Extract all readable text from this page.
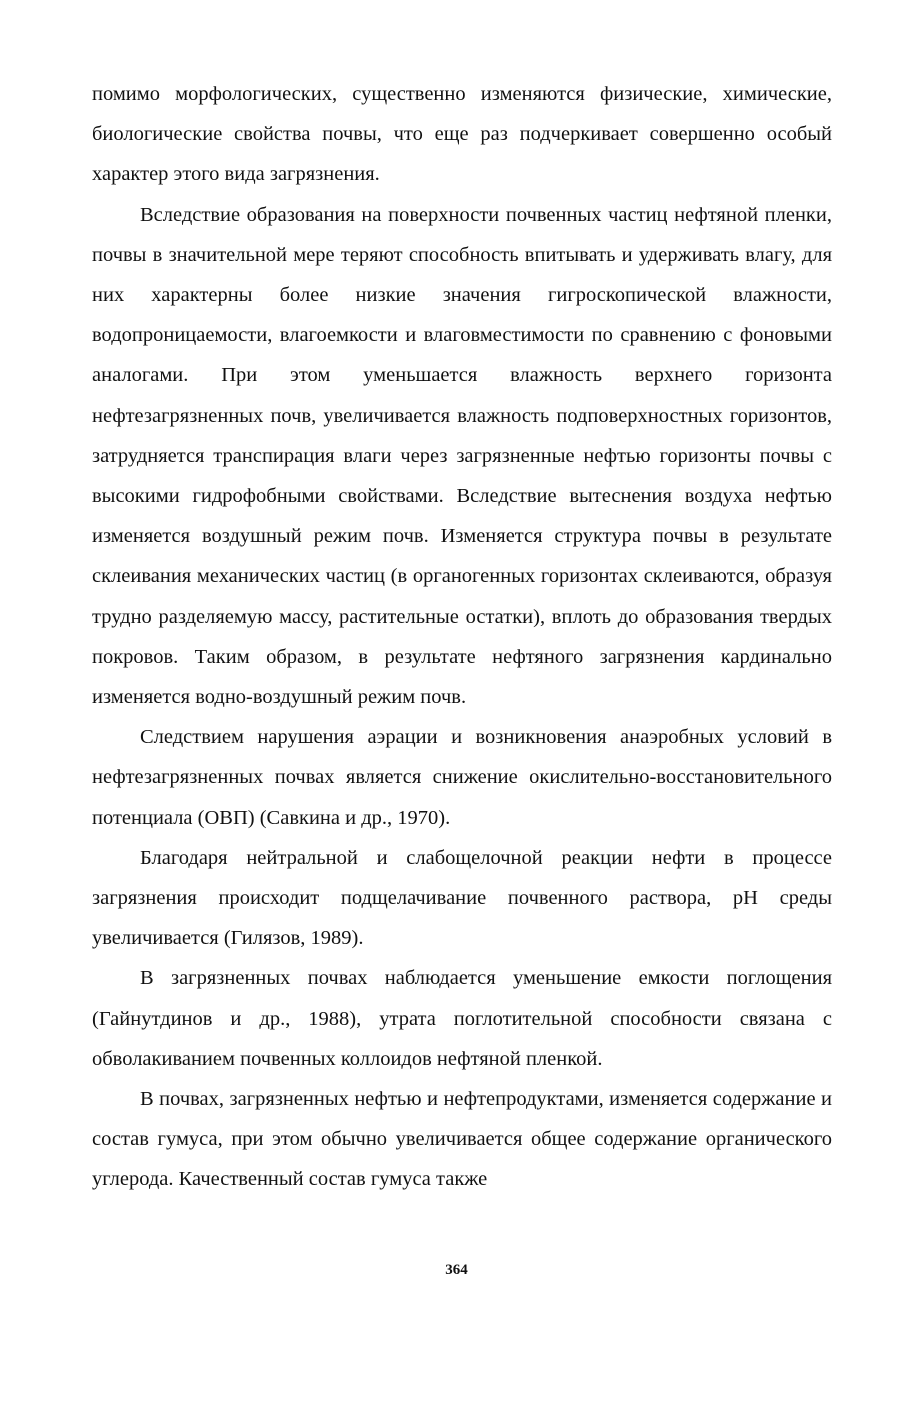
помимо морфологических, существенно изменяются физические, химические, биологические свойства почвы, что еще раз подчеркивает совершенно особый характер этого вида загрязнения.

Вследствие образования на поверхности почвенных частиц нефтяной пленки, почвы в значительной мере теряют способность впитывать и удерживать влагу, для них характерны более низкие значения гигроскопической влажности, водопроницаемости, влагоемкости и влаговместимости по сравнению с фоновыми аналогами. При этом уменьшается влажность верхнего горизонта нефтезагрязненных почв, увеличивается влажность подповерхностных горизонтов, затрудняется транспирация влаги через загрязненные нефтью горизонты почвы с высокими гидрофобными свойствами. Вследствие вытеснения воздуха нефтью изменяется воздушный режим почв. Изменяется структура почвы в результате склеивания механических частиц (в органогенных горизонтах склеиваются, образуя трудно разделяемую массу, растительные остатки), вплоть до образования твердых покровов. Таким образом, в результате нефтяного загрязнения кардинально изменяется водно-воздушный режим почв.

Следствием нарушения аэрации и возникновения анаэробных условий в нефтезагрязненных почвах является снижение окислительно-восстановительного потенциала (ОВП) (Савкина и др., 1970).

Благодаря нейтральной и слабощелочной реакции нефти в процессе загрязнения происходит подщелачивание почвенного раствора, pH среды увеличивается (Гилязов, 1989).

В загрязненных почвах наблюдается уменьшение емкости поглощения (Гайнутдинов и др., 1988), утрата поглотительной способности связана с обволакиванием почвенных коллоидов нефтяной пленкой.

В почвах, загрязненных нефтью и нефтепродуктами, изменяется содержание и состав гумуса, при этом обычно увеличивается общее содержание органического углерода. Качественный состав гумуса также

364
